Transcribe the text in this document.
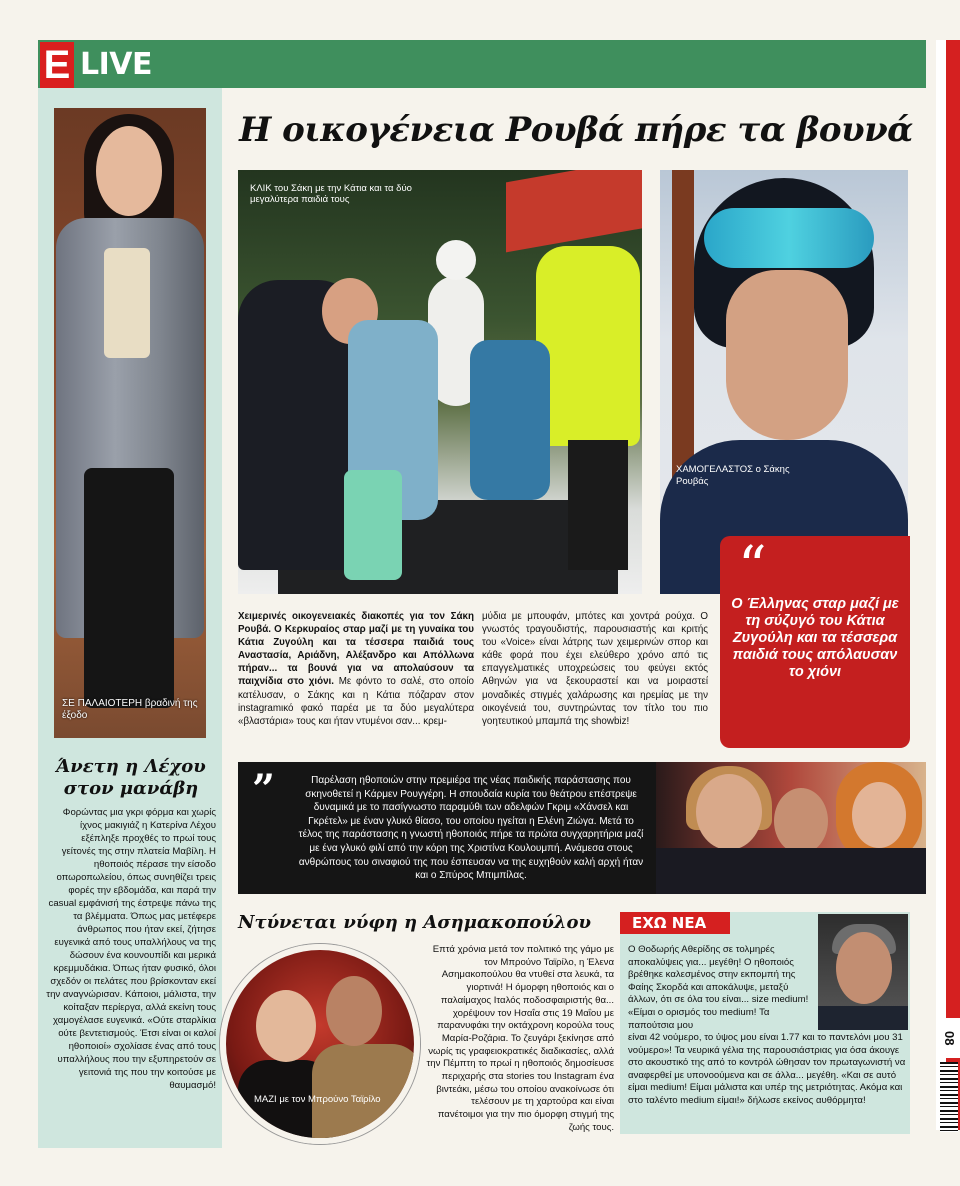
E LIVE
08
ΣΕ ΠΑΛΑΙΟΤΕΡΗ βραδινή της έξοδο
Άνετη η Λέχου στον μανάβη
Φορώντας μια γκρι φόρμα και χωρίς ίχνος μακιγιάζ η Κατερίνα Λέχου εξέπληξε προχθές το πρωί τους γείτονές της στην πλατεία Μαβίλη. Η ηθοποιός πέρασε την είσοδο οπωροπωλείου, όπως συνηθίζει τρεις φορές την εβδομάδα, και παρά την casual εμφάνισή της έστρεψε πάνω της τα βλέμματα. Όπως μας μετέφερε άνθρωπος που ήταν εκεί, ζήτησε ευγενικά από τους υπαλλήλους να της δώσουν ένα κουνουπίδι και μερικά κρεμμυδάκια. Όπως ήταν φυσικό, όλοι σχεδόν οι πελάτες που βρίσκονταν εκεί την αναγνώρισαν. Κάποιοι, μάλιστα, την κοίταξαν περίεργα, αλλά εκείνη τους χαμογέλασε ευγενικά. «Ούτε σταρλίκια ούτε βεντετισμούς. Έτσι είναι οι καλοί ηθοποιοί» σχολίασε ένας από τους υπαλλήλους που την εξυπηρετούν σε γειτονιά της που την κοιτούσε με θαυμασμό!
Η οικογένεια Ρουβά πήρε τα βουνά
ΚΛΙΚ του Σάκη με την Κάτια και τα δύο μεγαλύτερα παιδιά τους
ΧΑΜΟΓΕΛΑΣΤΟΣ ο Σάκης Ρουβάς
“
Ο Έλληνας σταρ μαζί με τη σύζυγό του Κάτια Ζυγούλη και τα τέσσερα παιδιά τους απόλαυσαν το χιόνι
Χειμερινές οικογενειακές διακοπές για τον Σάκη Ρουβά. Ο Κερκυραίος σταρ μαζί με τη γυναίκα του Κάτια Ζυγούλη και τα τέσσερα παιδιά τους Αναστασία, Αριάδνη, Αλέξανδρο και Απόλλωνα πήραν... τα βουνά για να απολαύσουν τα παιχνίδια στο χιόνι. Με φόντο το σαλέ, στο οποίο κατέλυσαν, ο Σάκης και η Κάτια πόζαραν στον instagramικό φακό παρέα με τα δύο μεγαλύτερα «βλαστάρια» τους και ήταν ντυμένοι σαν... κρεμ-
μύδια με μπουφάν, μπότες και χοντρά ρούχα. Ο γνωστός τραγουδιστής, παρουσιαστής και κριτής του «Voice» είναι λάτρης των χειμερινών σπορ και κάθε φορά που έχει ελεύθερο χρόνο από τις επαγγελματικές υποχρεώσεις του φεύγει εκτός Αθηνών για να ξεκουραστεί και να μοιραστεί μοναδικές στιγμές χαλάρωσης και ηρεμίας με την οικογένειά του, συντηρώντας τον τίτλο του πιο γοητευτικού μπαμπά της showbiz!
”	Παρέλαση ηθοποιών στην πρεμιέρα της νέας παιδικής παράστασης που σκηνοθετεί η Κάρμεν Ρουγγέρη. Η σπουδαία κυρία του θεάτρου επέστρεψε δυναμικά με το πασίγνωστο παραμύθι των αδελφών Γκριμ «Χάνσελ και Γκρέτελ» με έναν γλυκό θίασο, του οποίου ηγείται η Ελένη Ζιώγα. Μετά το τέλος της παράστασης η γνωστή ηθοποιός πήρε τα πρώτα συγχαρητήρια μαζί με ένα γλυκό φιλί από την κόρη της Χριστίνα Κουλουμπή. Ανάμεσα στους ανθρώπους του σιναφιού της που έσπευσαν να της ευχηθούν καλή αρχή ήταν και ο Σπύρος Μπιμπίλας.
Ντύνεται νύφη η Ασημακοπούλου
ΜΑΖΙ με τον Μπρούνο Ταϊρίλο
Επτά χρόνια μετά τον πολιτικό της γάμο με τον Μπρούνο Ταϊρίλο, η Έλενα Ασημακοπούλου θα ντυθεί στα λευκά, τα γιορτινά! Η όμορφη ηθοποιός και ο παλαίμαχος Ιταλός ποδοσφαιριστής θα... χορέψουν τον Ησαΐα στις 19 Μαΐου με παρανυφάκι την οκτάχρονη κορούλα τους Μαρία-Ροζάρια. Το ζευγάρι ξεκίνησε από νωρίς τις γραφειοκρατικές διαδικασίες, αλλά την Πέμπτη το πρωί η ηθοποιός δημοσίευσε περιχαρής στα stories του Instagram ένα βιντεάκι, μέσω του οποίου ανακοίνωσε ότι τελέσουν με τη χαρτούρα και είναι πανέτοιμοι για την πιο όμορφη στιγμή της ζωής τους.
ΕΧΩ ΝΕΑ
Ο Θοδωρής Αθερίδης σε τολμηρές αποκαλύψεις για... μεγέθη! Ο ηθοποιός βρέθηκε καλεσμένος στην εκπομπή της Φαίης Σκορδά και αποκάλυψε, μεταξύ άλλων, ότι σε όλα του είναι... size medium! «Είμαι ο ορισμός του medium! Τα παπούτσια μου
είναι 42 νούμερο, το ύψος μου είναι 1.77 και το παντελόνι μου 31 νούμερο»! Τα νευρικά γέλια της παρουσιάστριας για όσα άκουγε στο ακουστικό της από το κοντρόλ ώθησαν τον πρωταγωνιστή να αναφερθεί με υπονοούμενα και σε άλλα... μεγέθη. «Και σε αυτό είμαι medium! Είμαι μάλιστα και υπέρ της μετριότητας. Ακόμα και στο ταλέντο medium είμαι!» δήλωσε εκείνος αυθόρμητα!
